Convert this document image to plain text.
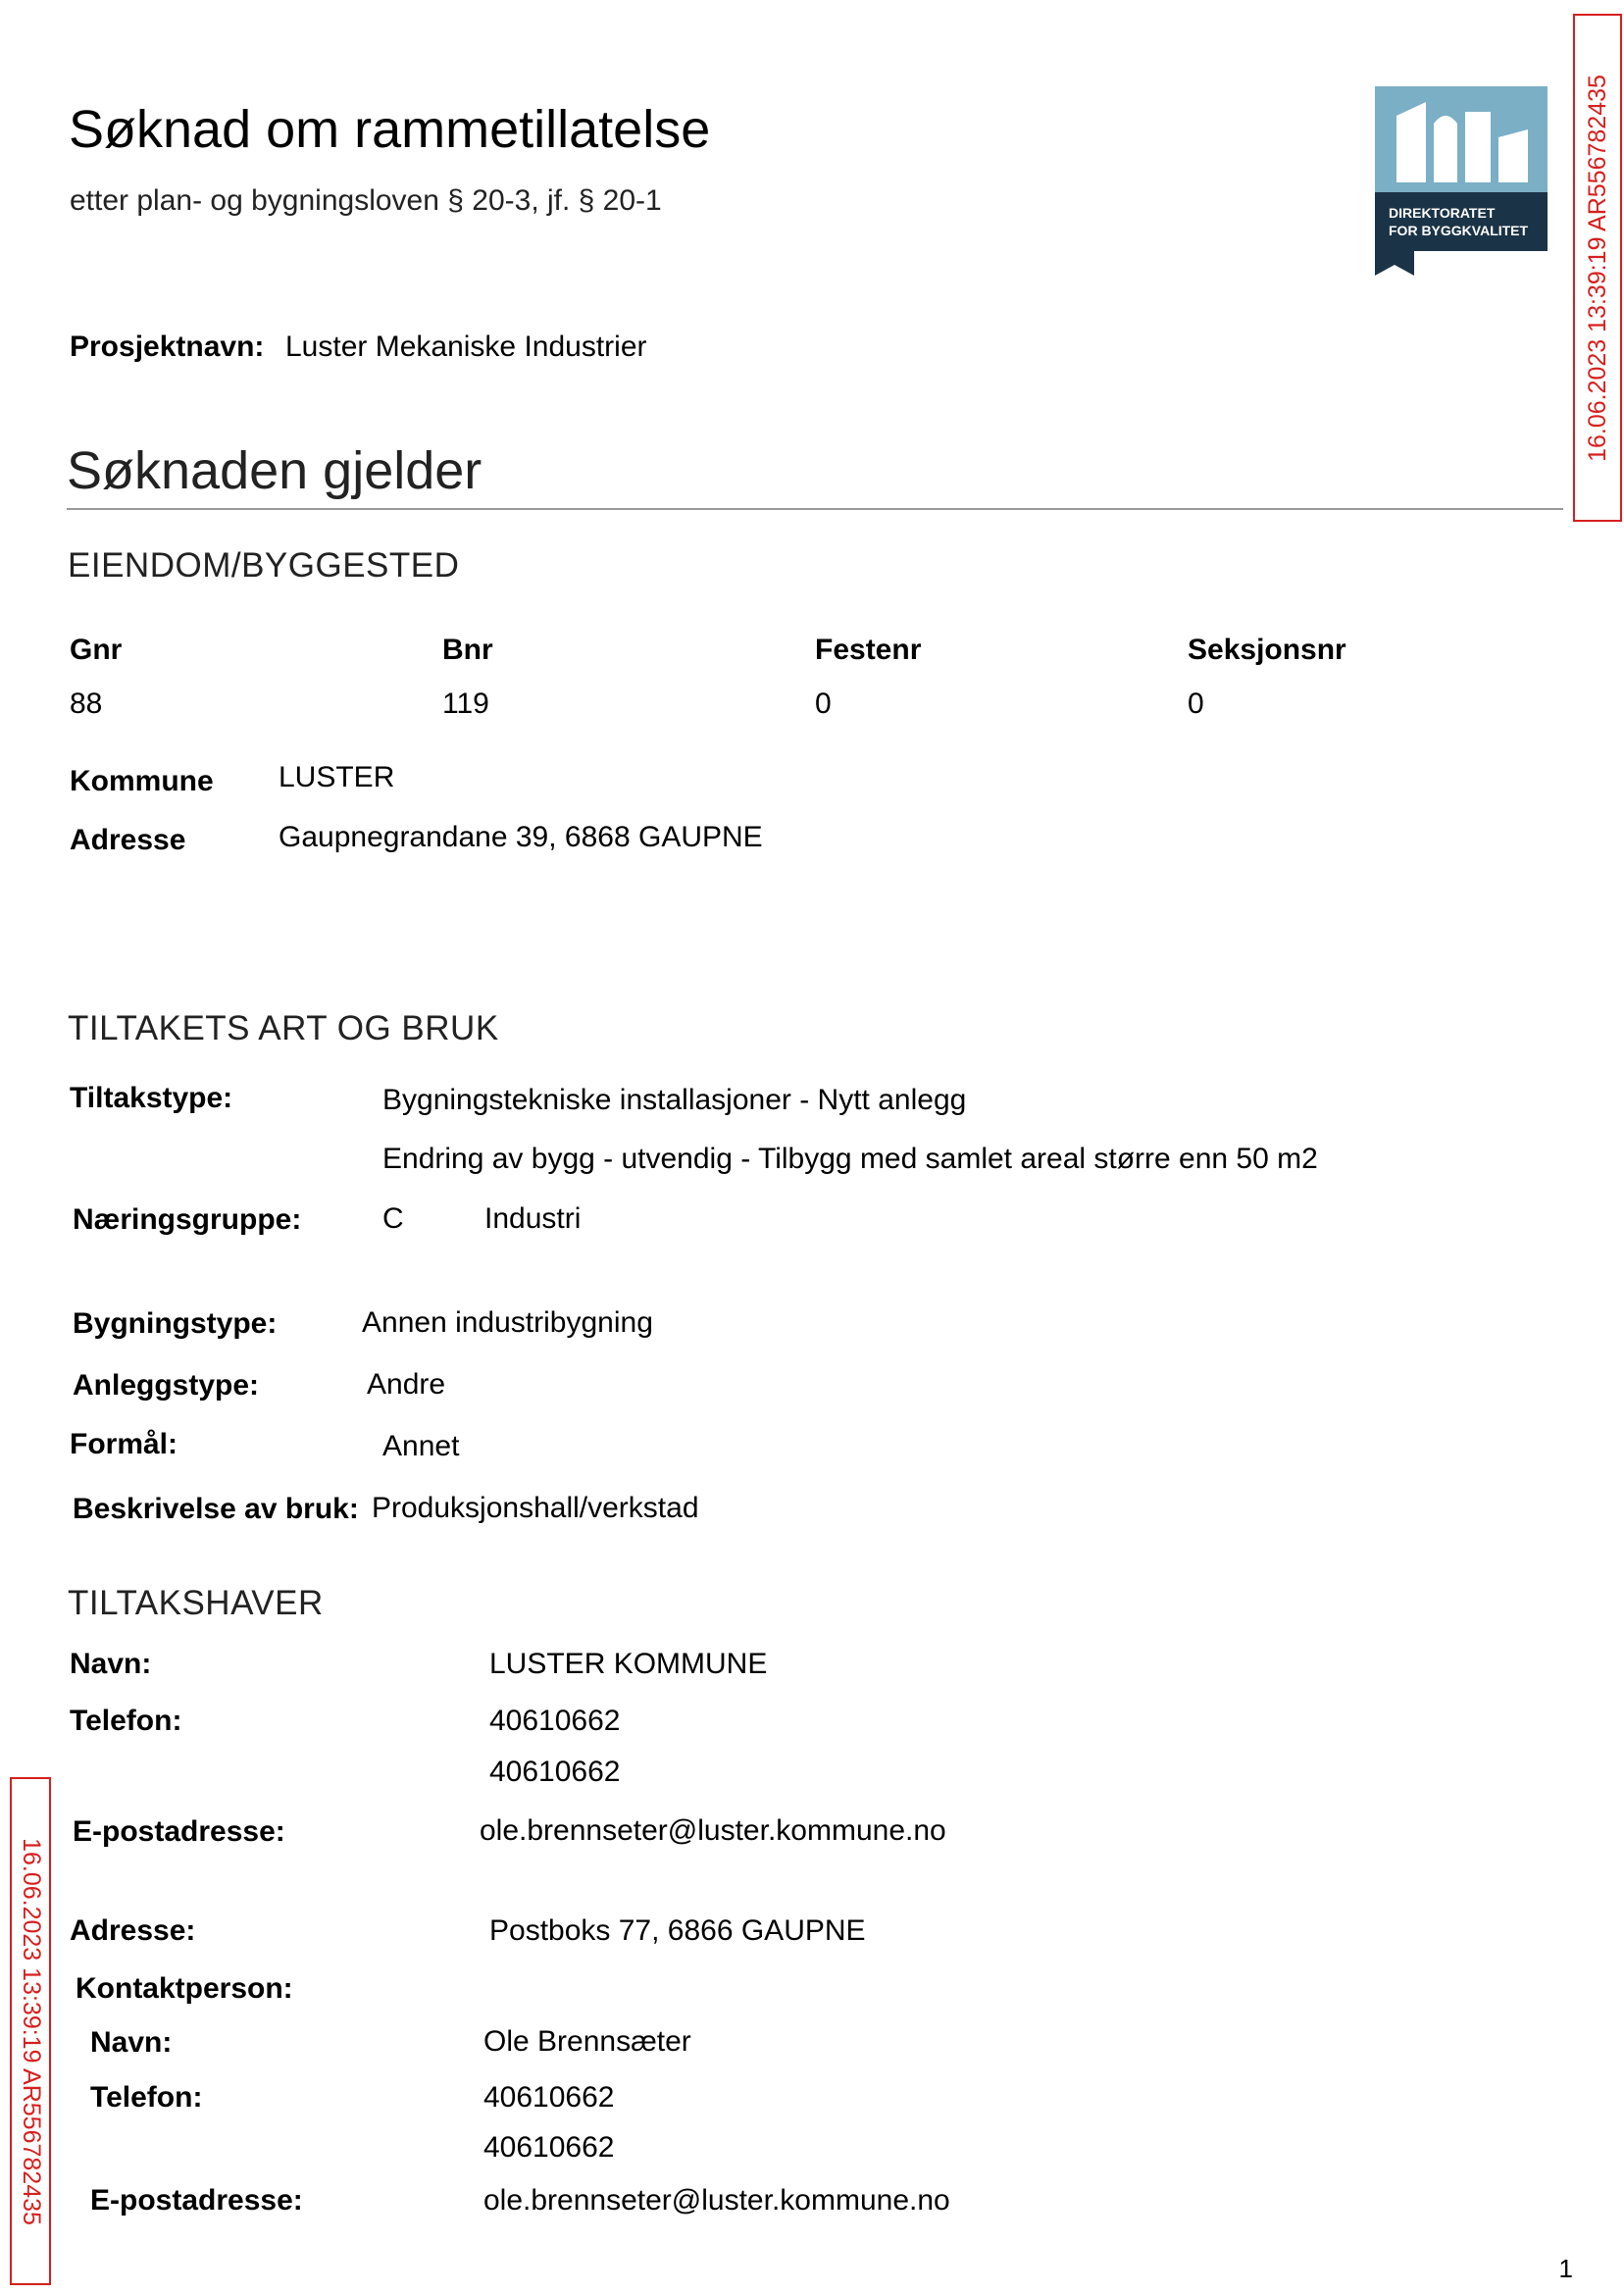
Søknad om rammetillatelse
etter plan- og bygningsloven § 20-3, jf. § 20-1	DIREKTORATET
FOR BYGGKVALITET 16.06.2023 13:39:19 AR556782435
16.06.2023 13:39:19 AR556782435
Prosjektnavn: Luster Mekaniske Industrier
Søknaden gjelder
EIENDOM/BYGGESTED
Gnr	Bnr	Festenr	Seksjonsnr
88	119	0	0
Kommune LUSTER
Adresse	Gaupnegrandane 39, 6868 GAUPNE
TILTAKETS ART OG BRUK
Tiltakstype:	Bygningstekniske installasjoner - Nytt anlegg
Endring av bygg - utvendig - Tilbygg med samlet areal større enn 50 m2
Næringsgruppe:	C	Industri
Bygningstype:	Annen industribygning
Anleggstype:	Andre
Formål:	Annet
Beskrivelse av bruk: Produksjonshall/verkstad
TILTAKSHAVER
Navn:	LUSTER KOMMUNE
Telefon:	40610662
40610662
E-postadresse:	ole.brennseter@luster.kommune.no
Adresse:	Postboks 77, 6866 GAUPNE
Kontaktperson:
Navn:	Ole Brennsæter
Telefon:	40610662
40610662
E-postadresse:	ole.brennseter@luster.kommune.no
1
